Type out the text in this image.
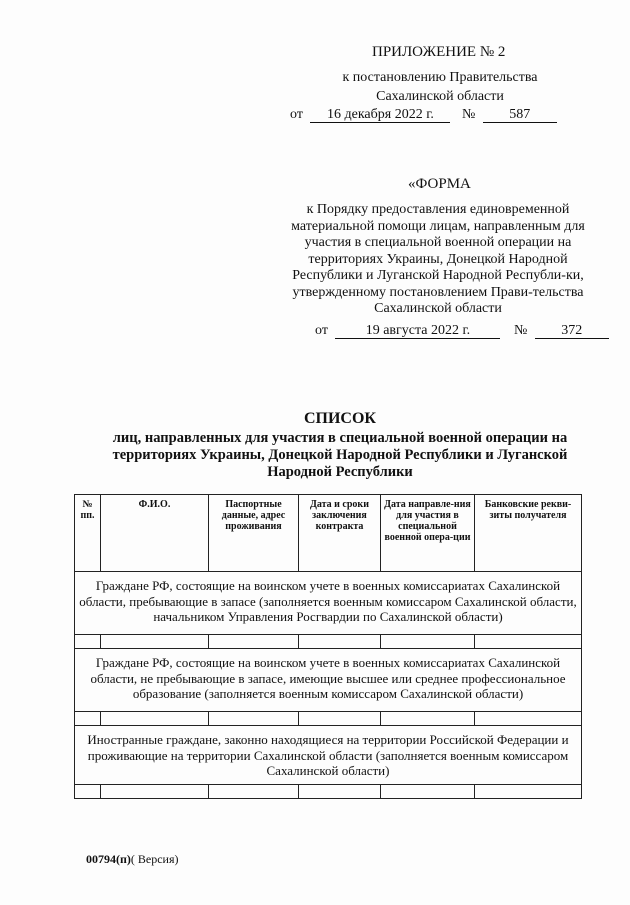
ПРИЛОЖЕНИЕ № 2
к постановлению Правительства
Сахалинской области
от 16 декабря 2022 г. № 587
«ФОРМА
к Порядку предоставления единовременной материальной помощи лицам, направленным для участия в специальной военной операции на территориях Украины, Донецкой Народной Республики и Луганской Народной Республи-ки, утвержденному постановлением Прави-тельства Сахалинской области
от	19 августа 2022 г.	№ 372
СПИСОК
лиц, направленных для участия в специальной военной операции на территориях Украины, Донецкой Народной Республики и Луганской Народной Республики
№ пп.	Ф.И.О.	Паспортные данные, адрес проживания	Дата и сроки заключения контракта	Дата направле-ния для участия в специальной военной опера-ции	Банковские рекви-зиты получателя
Граждане РФ, состоящие на воинском учете в военных комиссариатах Сахалинской области, пребывающие в запасе (заполняется военным комиссаром Сахалинской области, начальником Управления Росгвардии по Сахалинской области)					

Граждане РФ, состоящие на воинском учете в военных комиссариатах Сахалинской области, не пребывающие в запасе, имеющие высшее или среднее профессиональное образование (заполняется военным комиссаром Сахалинской области)					

Иностранные граждане, законно находящиеся на территории Российской Федерации и проживающие на территории Сахалинской области (заполняется военным комиссаром Сахалинской области)					

00794(п)( Версия)
